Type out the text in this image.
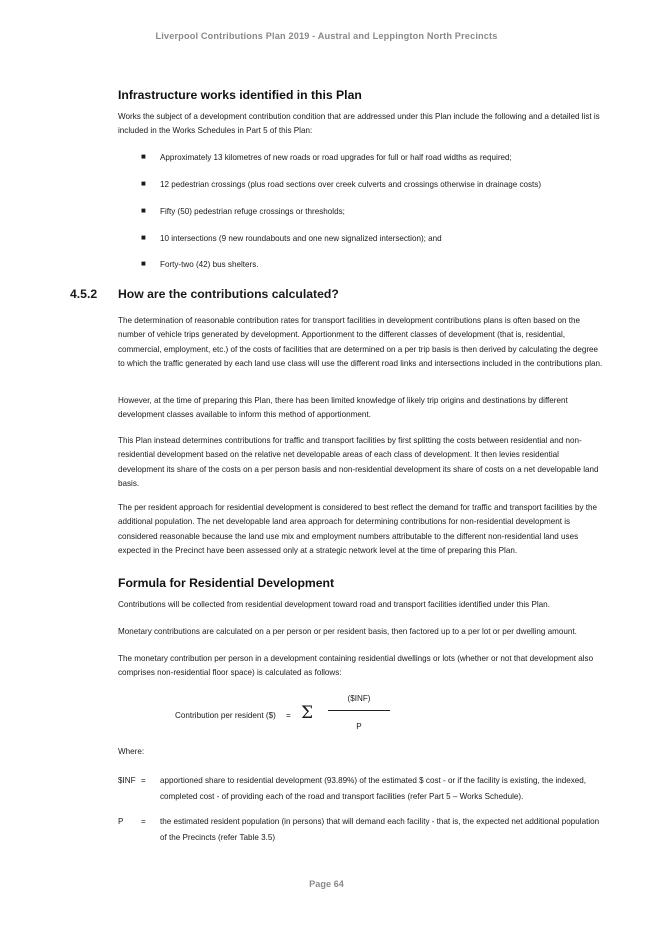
Liverpool Contributions Plan 2019 - Austral and Leppington North Precincts
Infrastructure works identified in this Plan

Works the subject of a development contribution condition that are addressed under this Plan include the following and a detailed list is included in the Works Schedules in Part 5 of this Plan:

■ Approximately 13 kilometres of new roads or road upgrades for full or half road widths as required;
■ 12 pedestrian crossings (plus road sections over creek culverts and crossings otherwise in drainage costs)
■ Fifty (50) pedestrian refuge crossings or thresholds;
■ 10 intersections (9 new roundabouts and one new signalized intersection); and
■ Forty-two (42) bus shelters.
4.5.2 How are the contributions calculated?

The determination of reasonable contribution rates for transport facilities in development contributions plans is often based on the number of vehicle trips generated by development. Apportionment to the different classes of development (that is, residential, commercial, employment, etc.) of the costs of facilities that are determined on a per trip basis is then derived by calculating the degree to which the traffic generated by each land use class will use the different road links and intersections included in the contributions plan.

However, at the time of preparing this Plan, there has been limited knowledge of likely trip origins and destinations by different development classes available to inform this method of apportionment.

This Plan instead determines contributions for traffic and transport facilities by first splitting the costs between residential and non-residential development based on the relative net developable areas of each class of development. It then levies residential development its share of the costs on a per person basis and non-residential development its share of costs on a net developable land basis.

The per resident approach for residential development is considered to best reflect the demand for traffic and transport facilities by the additional population. The net developable land area approach for determining contributions for non-residential development is considered reasonable because the land use mix and employment numbers attributable to the different non-residential land uses expected in the Precinct have been assessed only at a strategic network level at the time of preparing this Plan.

Formula for Residential Development

Contributions will be collected from residential development toward road and transport facilities identified under this Plan.

Monetary contributions are calculated on a per person or per resident basis, then factored up to a per lot or per dwelling amount.

The monetary contribution per person in a development containing residential dwellings or lots (whether or not that development also comprises non-residential floor space) is calculated as follows:

Contribution per resident ($) = Σ
($INF)
P
Where:
$INF = apportioned share to residential development (93.89%) of the estimated $ cost - or if the facility is existing, the indexed, completed cost - of providing each of the road and transport facilities (refer Part 5 – Works Schedule).

P = the estimated resident population (in persons) that will demand each facility - that is, the expected net additional population of the Precincts (refer Table 3.5)

Page 64
